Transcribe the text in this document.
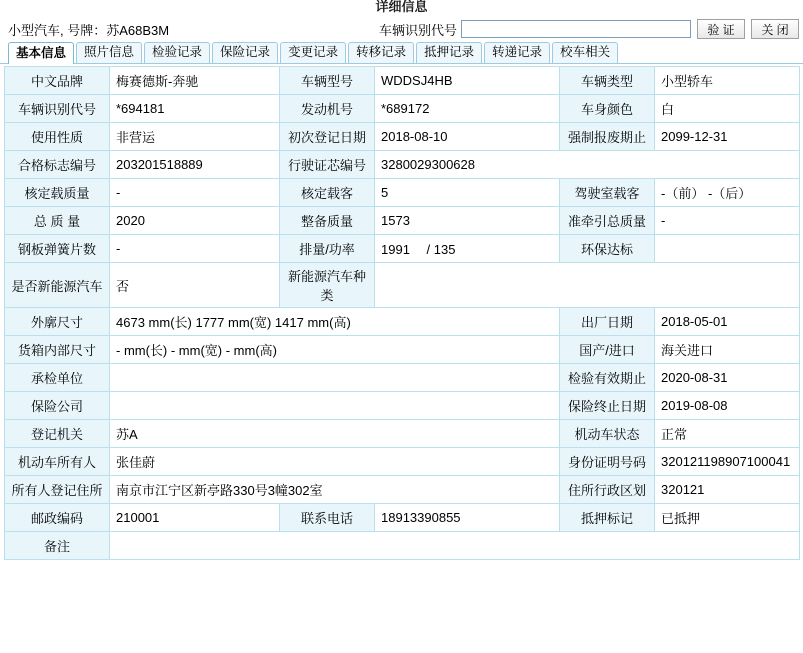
详细信息
小型汽车, 号牌：苏A68B3M	车辆识别代号	验 证	关 闭
基本信息	照片信息	检验记录	保险记录	变更记录	转移记录	抵押记录	转递记录	校车相关
中文品牌	梅赛德斯-奔驰	车辆型号	WDDSJ4HB	车辆类型	小型轿车
车辆识别代号	*694181	发动机号	*689172	车身颜色	白
使用性质	非营运	初次登记日期	2018-08-10	强制报废期止	2099-12-31
合格标志编号	203201518889	行驶证芯编号	3280029300628		
核定载质量	-	核定载客	5	驾驶室载客	-（前） -（后）
总 质 量	2020	整备质量	1573	准牵引总质量	-
钢板弹簧片数	-	排量/功率	1991　 / 135	环保达标	
是否新能源汽车	否	新能源汽车种类			
外廓尺寸	4673 mm(长) 1777 mm(宽) 1417 mm(高)			出厂日期	2018-05-01
货箱内部尺寸	- mm(长) - mm(宽) - mm(高)			国产/进口	海关进口
承检单位				检验有效期止	2020-08-31
保险公司				保险终止日期	2019-08-08
登记机关	苏A			机动车状态	正常
机动车所有人	张佳蔚			身份证明号码	320121198907100041
所有人登记住所	南京市江宁区新亭路330号3幢302室			住所行政区划	320121
邮政编码	210001	联系电话	18913390855	抵押标记	已抵押
备注					
